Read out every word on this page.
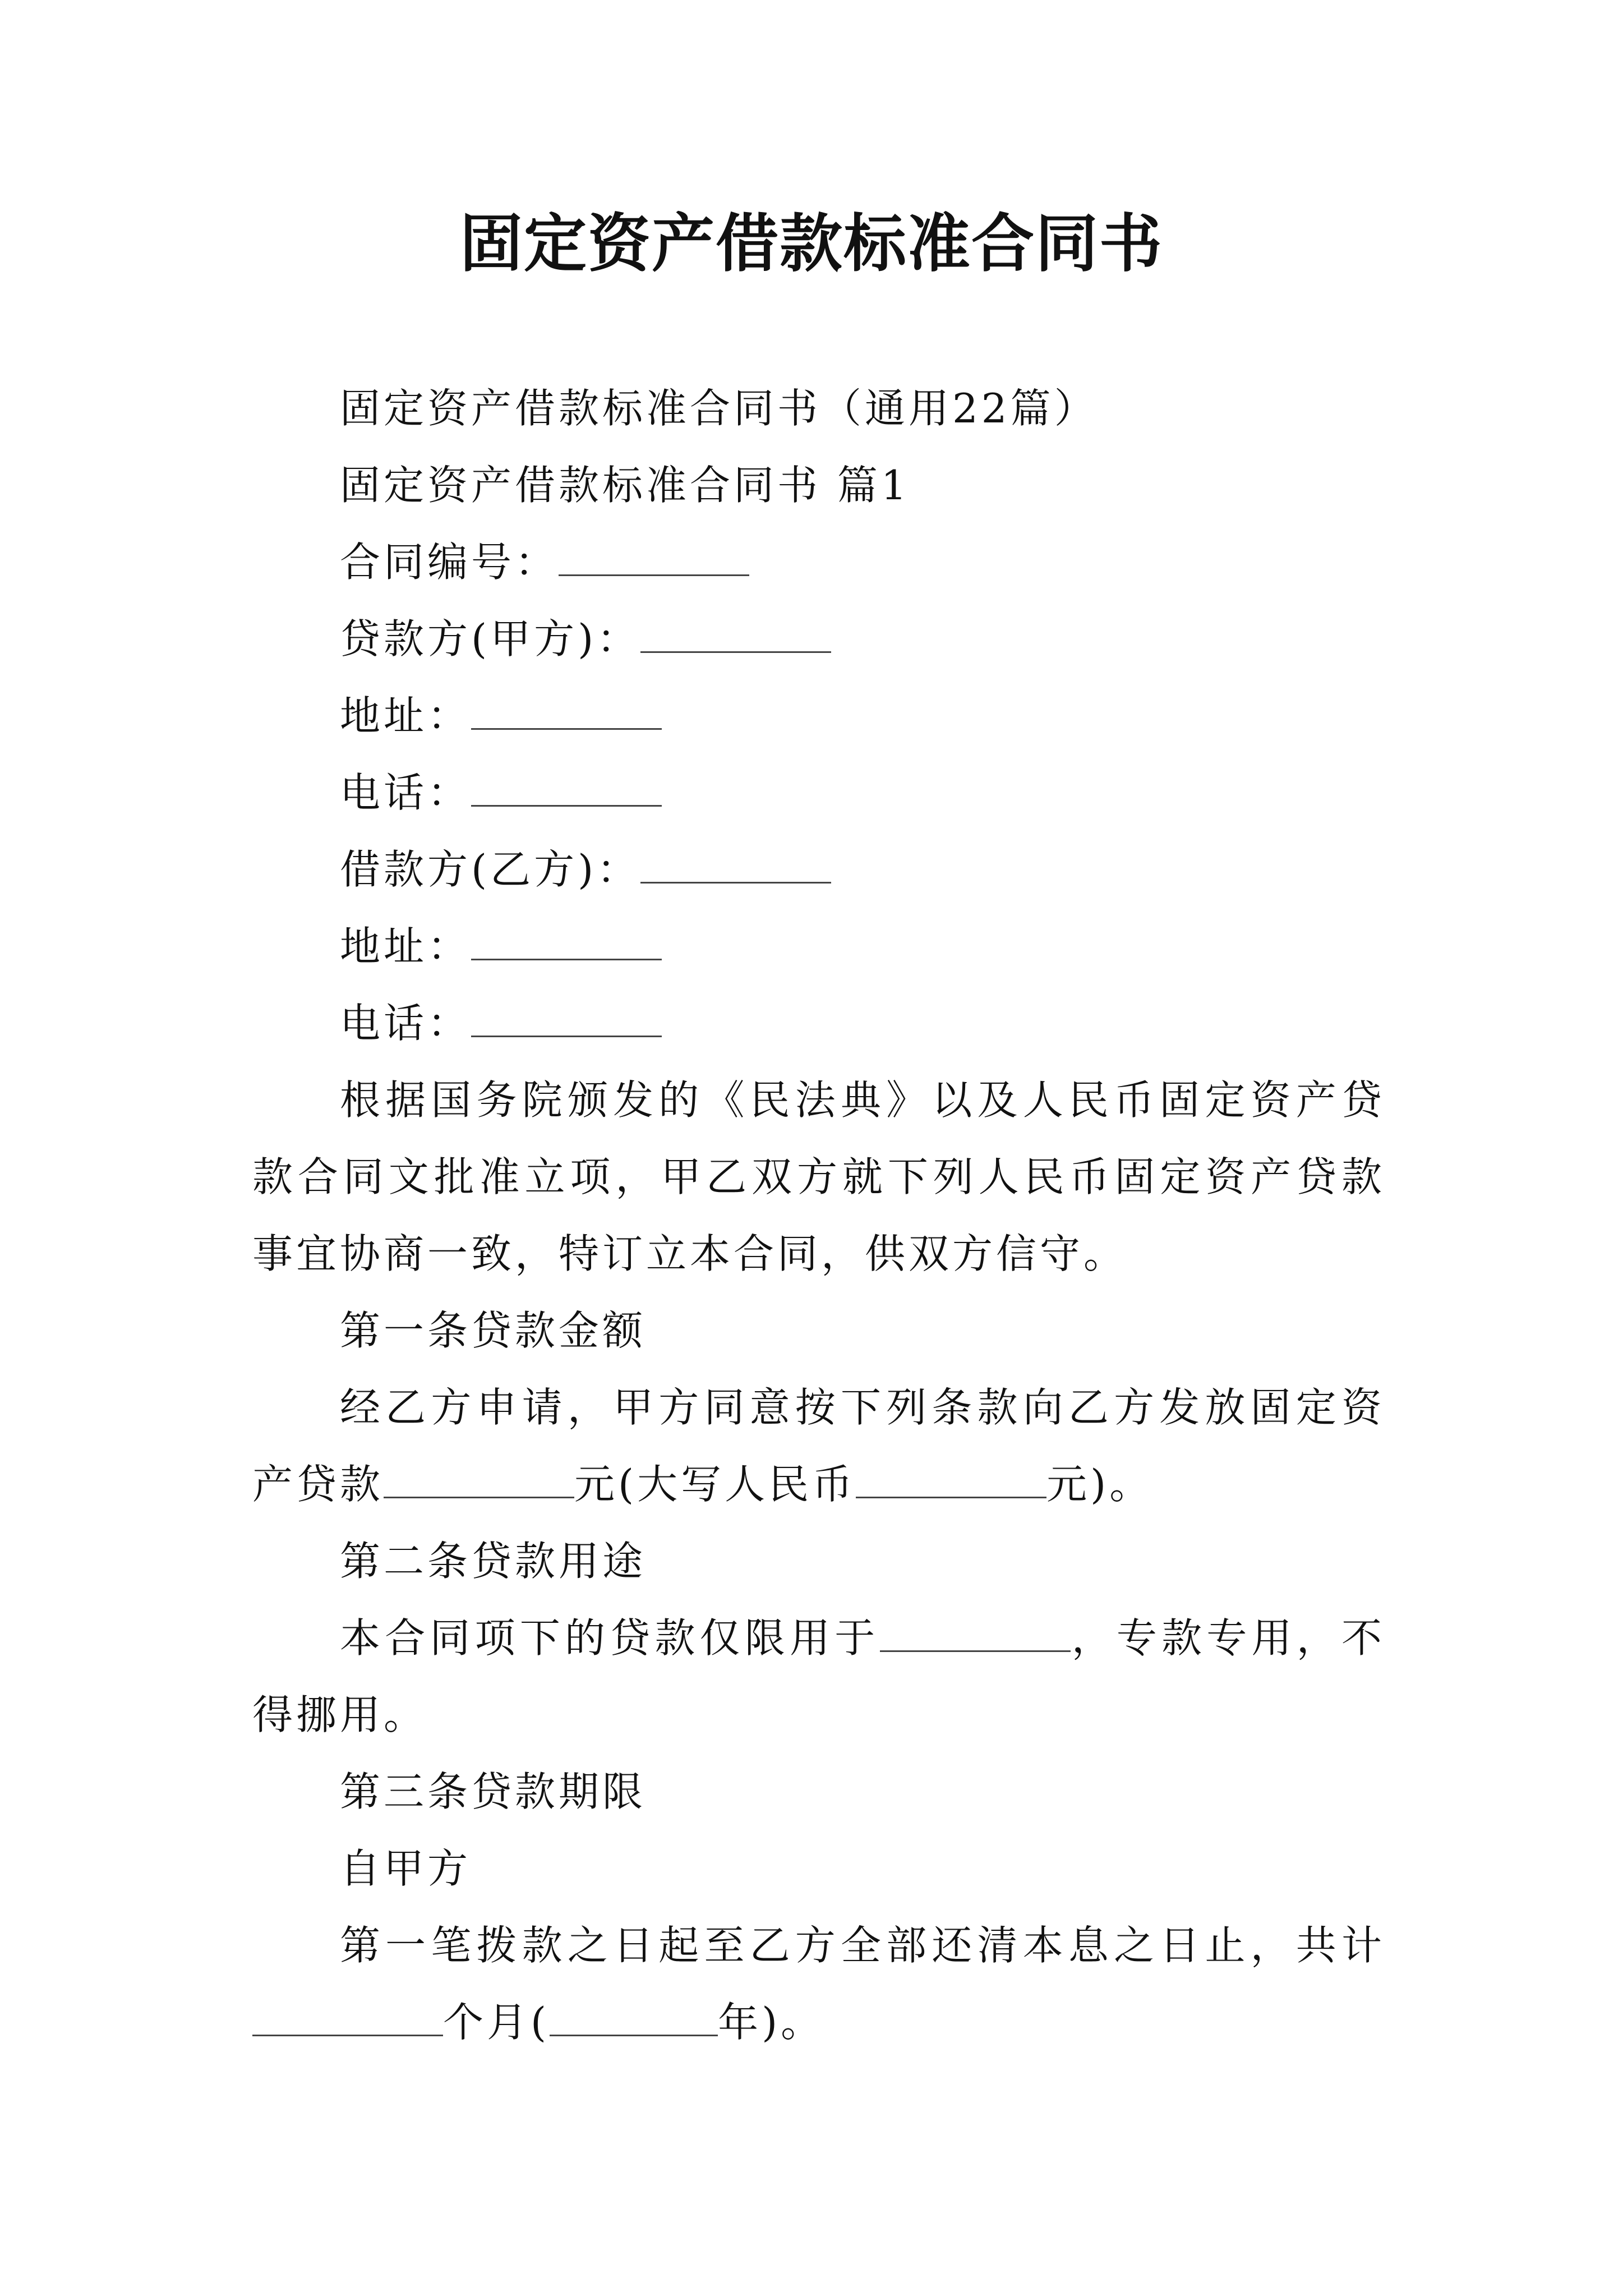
固定资产借款标准合同书

固定资产借款标准合同书（通用22篇）

固定资产借款标准合同书 篇1

合同编号：

贷款方(甲方)：

地址：

电话：

借款方(乙方)：

地址：

电话：

根据国务院颁发的《民法典》以及人民币固定资产贷款合同文批准立项，甲乙双方就下列人民币固定资产贷款事宜协商一致，特订立本合同，供双方信守。

第一条贷款金额

经乙方申请，甲方同意按下列条款向乙方发放固定资产贷款	元(大写人民币	元)。

第二条贷款用途

本合同项下的贷款仅限用于	，专款专用，不得挪用。

第三条贷款期限

自甲方

第一笔拨款之日起至乙方全部还清本息之日止，共计个月(	年)。
